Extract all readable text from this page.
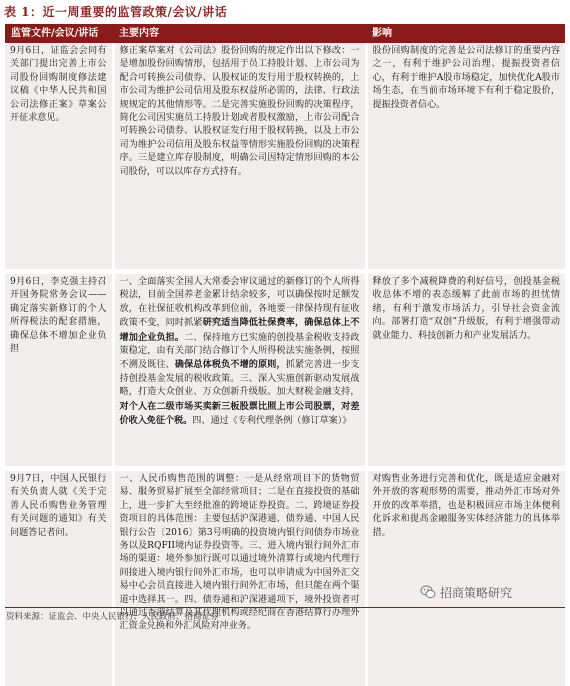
表 1：近一周重要的监管政策/会议/讲话
监管文件/会议/讲话	主要内容	影响
9月6日，证监会会同有关部门提出完善上市公司股份回购制度修法建议稿《中华人民共和国公司法修正案》草案公开征求意见。	修正案草案对《公司法》股份回购的规定作出以下修改：一是增加股份回购情形，包括用于员工持股计划、上市公司为配合可转换公司债券、认股权证的发行用于股权转换的，上市公司为维护公司信用及股东权益所必需的，法律、行政法规规定的其他情形等。二是完善实施股份回购的决策程序，简化公司因实施员工持股计划或者股权激励，上市公司配合可转换公司债券、认股权证发行用于股权转换，以及上市公司为维护公司信用及股东权益等情形实施股份回购的决策程序。三是建立库存股制度，明确公司因特定情形回购的本公司股份，可以以库存方式持有。	股份回购制度的完善是公司法修订的重要内容之一，有利于维护公司治理、提振投资者信心，有利于维护A股市场稳定，加快优化A股市场生态，在当前市场环境下有利于稳定股价，提振投资者信心。
9月6日，李克强主持召开国务院常务会议——确定落实新修订的个人所得税法的配套措施，确保总体不增加企业负担	一、全面落实全国人大常委会审议通过的新修订的个人所得税法，目前全国养老金累计结余较多，可以确保按时足额发放，在社保征收机构改革到位前，各地要一律保持现有征收政策不变，同时抓紧研究适当降低社保费率，确保总体上不增加企业负担。二、保持地方已实施的创投基金税收支持政策稳定，由有关部门结合修订个人所得税法实施条例，按照不溯及既往、确保总体税负不增的原则，抓紧完善进一步支持创投基金发展的税收政策。三、深入实施创新驱动发展战略，打造大众创业、万众创新升级版。加大财税金融支持，对个人在二级市场买卖新三板股票比照上市公司股票，对差价收入免征个税。四、通过《专利代理条例（修订草案）》	释放了多个减税降费的利好信号，创投基金税收总体不增的表态缓解了此前市场的担忧情绪，有利于激发市场活力，引导社会资金流向。部署打造“双创”升级版，有利于增强带动就业能力、科技创新力和产业发展活力。
9月7日，中国人民银行有关负责人就《关于完善人民币购售业务管理有关问题的通知》有关问题答记者问。	一、人民币购售范围的调整：一是从经常项目下的货物贸易、服务贸易扩展至全部经常项目；二是在直接投资的基础上，进一步扩大至经批准的跨境证券投资。二、跨境证券投资项目的具体范围：主要包括沪深港通、债券通、中国人民银行公告〔2016〕第3号明确的投资境内银行间债券市场业务以及RQFII境内证券投资等。三、进入境内银行间外汇市场的渠道：境外参加行既可以通过境外清算行或境内代理行间接进入境内银行间外汇市场，也可以申请成为中国外汇交易中心会员直接进入境内银行间外汇市场，但只能在两个渠道中选择其一。四、债券通和沪深港通项下，境外投资者可以通过香港结算及其代理机构或经纪商在香港结算行办理外汇资金兑换和外汇风险对冲业务。	对购售业务进行完善和优化，既是适应金融对外开放的客观形势的需要，推动外汇市场对外开放的改革举措，也是积极回应市场主体便利化诉求和提高金融服务实体经济能力的具体举措。
招商策略研究
资料来源：证监会、中央人民银行、人民政府、招商证券
